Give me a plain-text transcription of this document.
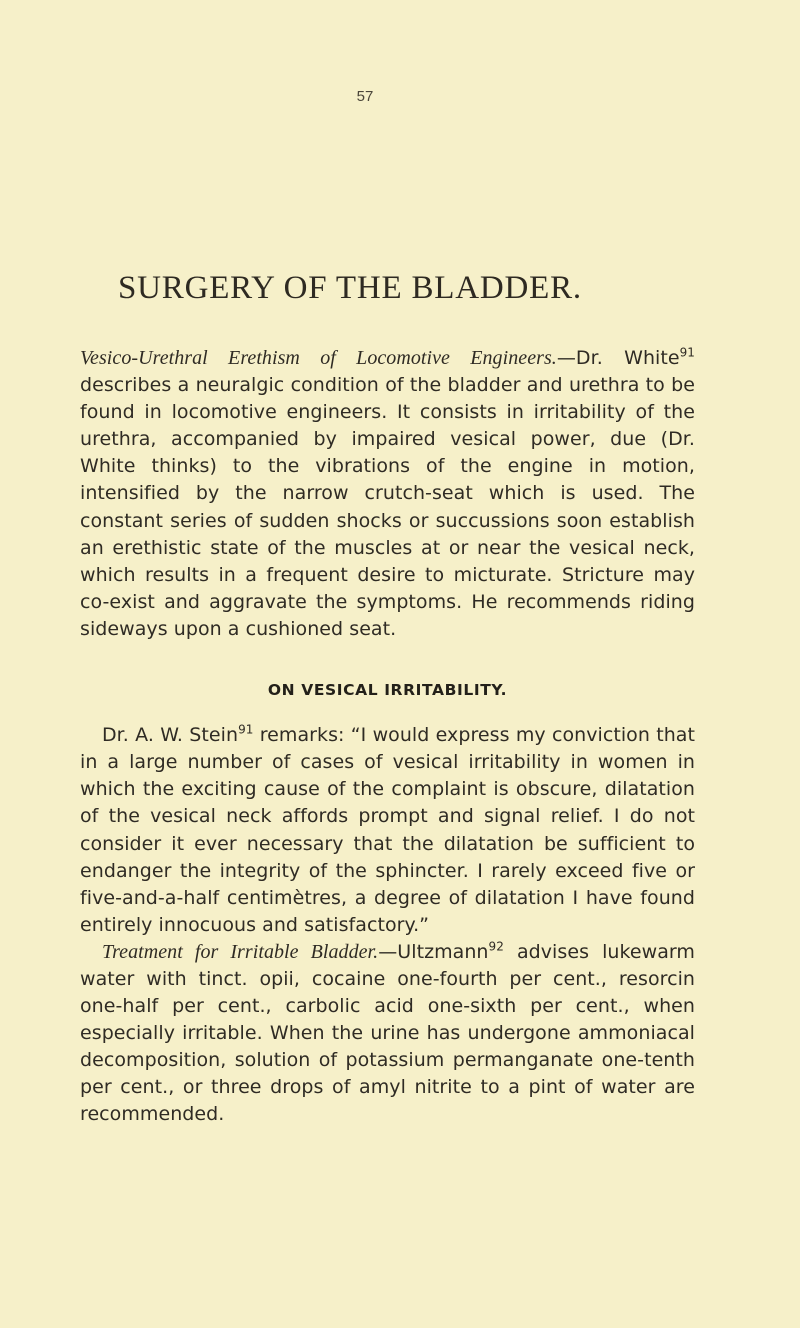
57
SURGERY OF THE BLADDER.

Vesico-Urethral Erethism of Locomotive Engineers.—Dr. White$^{91}$ describes a neuralgic condition of the bladder and urethra to be found in locomotive engineers. It consists in irritability of the urethra, accompanied by impaired vesical power, due (Dr. White thinks) to the vibrations of the engine in motion, intensified by the narrow crutch-seat which is used. The constant series of sudden shocks or succussions soon establish an erethistic state of the muscles at or near the vesical neck, which results in a frequent desire to micturate. Stricture may co-exist and aggravate the symptoms. He recommends riding sideways upon a cushioned seat.

ON VESICAL IRRITABILITY.

Dr. A. W. Stein$^{91}$ remarks: “I would express my conviction that in a large number of cases of vesical irritability in women in which the exciting cause of the complaint is obscure, dilatation of the vesical neck affords prompt and signal relief. I do not consider it ever necessary that the dilatation be sufficient to endanger the integrity of the sphincter. I rarely exceed five or five-and-a-half centimètres, a degree of dilatation I have found entirely innocuous and satisfactory.”

Treatment for Irritable Bladder.—Ultzmann$^{92}$ advises lukewarm water with tinct. opii, cocaine one-fourth per cent., resorcin one-half per cent., carbolic acid one-sixth per cent., when especially irritable. When the urine has undergone ammoniacal decomposition, solution of potassium permanganate one-tenth per cent., or three drops of amyl nitrite to a pint of water are recommended.
